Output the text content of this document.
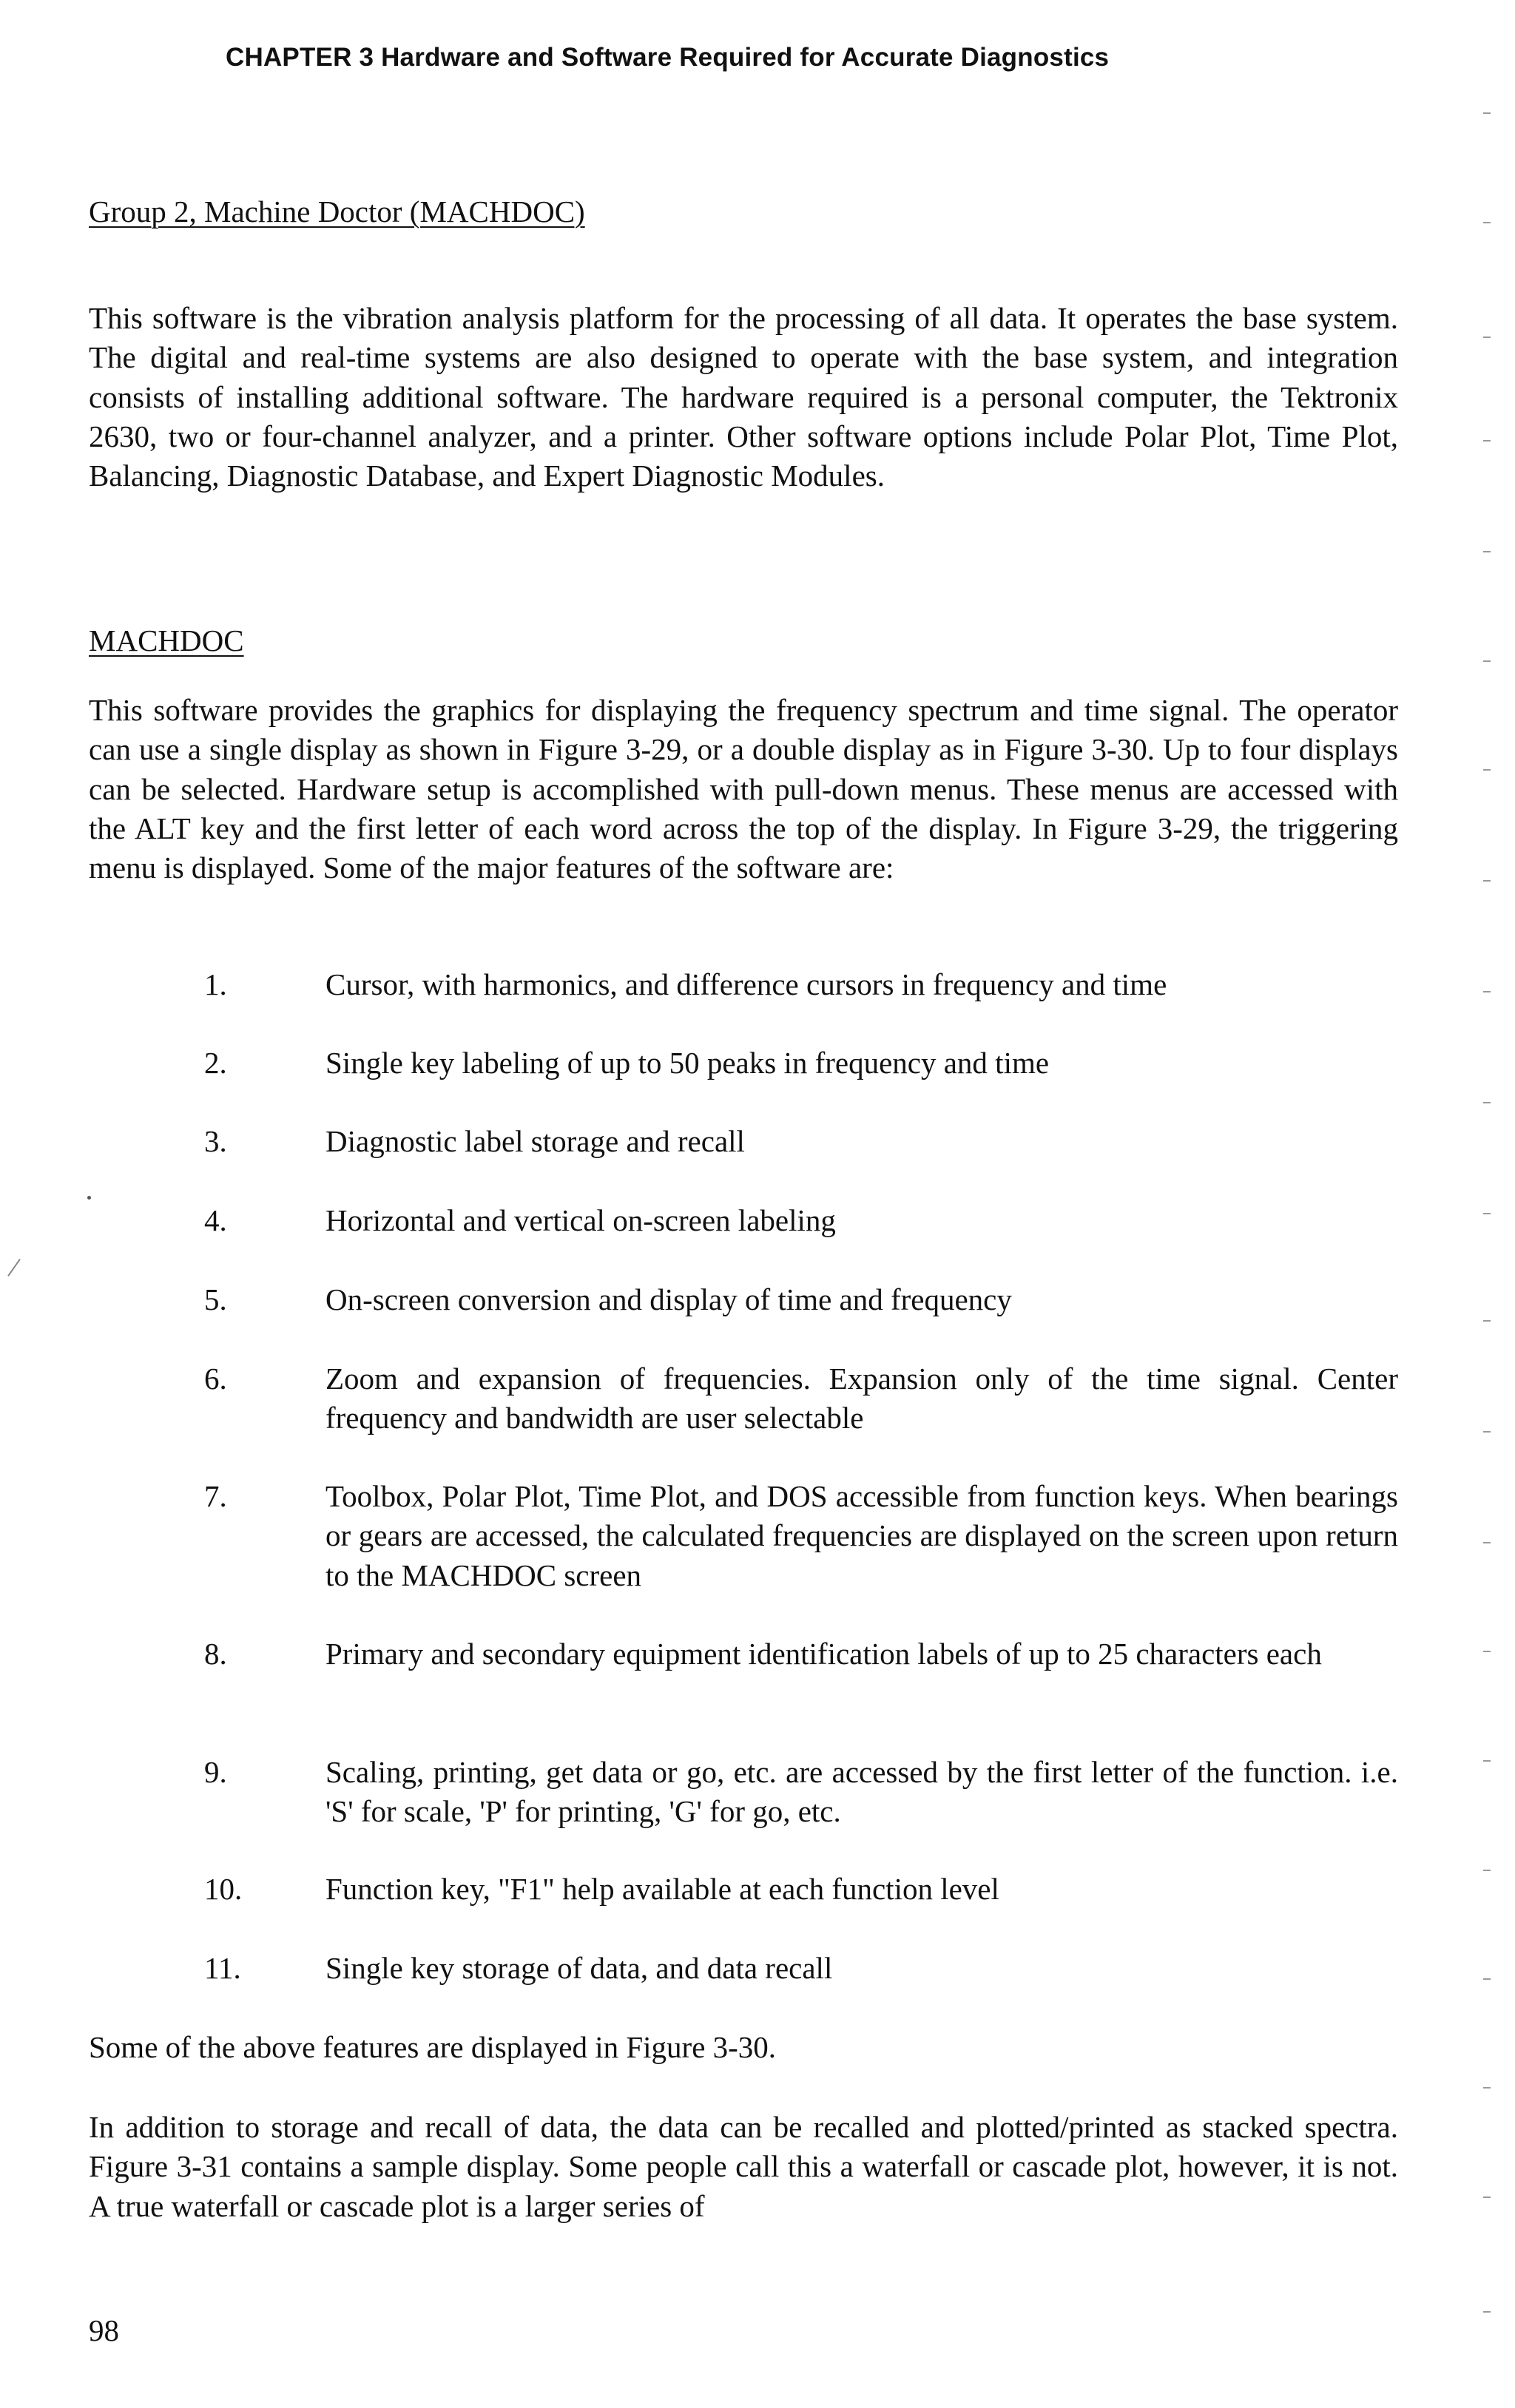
CHAPTER 3 Hardware and Software Required for Accurate Diagnostics
Group 2, Machine Doctor (MACHDOC)

This software is the vibration analysis platform for the processing of all data. It operates the base system. The digital and real-time systems are also designed to operate with the base system, and integration consists of installing additional software. The hardware required is a personal computer, the Tektronix 2630, two or four-channel analyzer, and a printer. Other software options include Polar Plot, Time Plot, Balancing, Diagnostic Database, and Expert Diagnostic Modules.

MACHDOC

This software provides the graphics for displaying the frequency spectrum and time signal. The operator can use a single display as shown in Figure 3-29, or a double display as in Figure 3-30. Up to four displays can be selected. Hardware setup is accomplished with pull-down menus. These menus are accessed with the ALT key and the first letter of each word across the top of the display. In Figure 3-29, the triggering menu is displayed. Some of the major features of the software are:

1.	Cursor, with harmonics, and difference cursors in frequency and time
2.	Single key labeling of up to 50 peaks in frequency and time
3.	Diagnostic label storage and recall
4.	Horizontal and vertical on-screen labeling
5.	On-screen conversion and display of time and frequency
6.	Zoom and expansion of frequencies. Expansion only of the time signal. Center frequency and bandwidth are user selectable
7.	Toolbox, Polar Plot, Time Plot, and DOS accessible from function keys. When bearings or gears are accessed, the calculated frequencies are displayed on the screen upon return to the MACHDOC screen
8.	Primary and secondary equipment identification labels of up to 25 characters each
9.	Scaling, printing, get data or go, etc. are accessed by the first letter of the function. i.e. 'S' for scale, 'P' for printing, 'G' for go, etc.
10.	Function key, "F1" help available at each function level
11.	Single key storage of data, and data recall

Some of the above features are displayed in Figure 3-30.

In addition to storage and recall of data, the data can be recalled and plotted/printed as stacked spectra. Figure 3-31 contains a sample display. Some people call this a waterfall or cascade plot, however, it is not. A true waterfall or cascade plot is a larger series of

98
